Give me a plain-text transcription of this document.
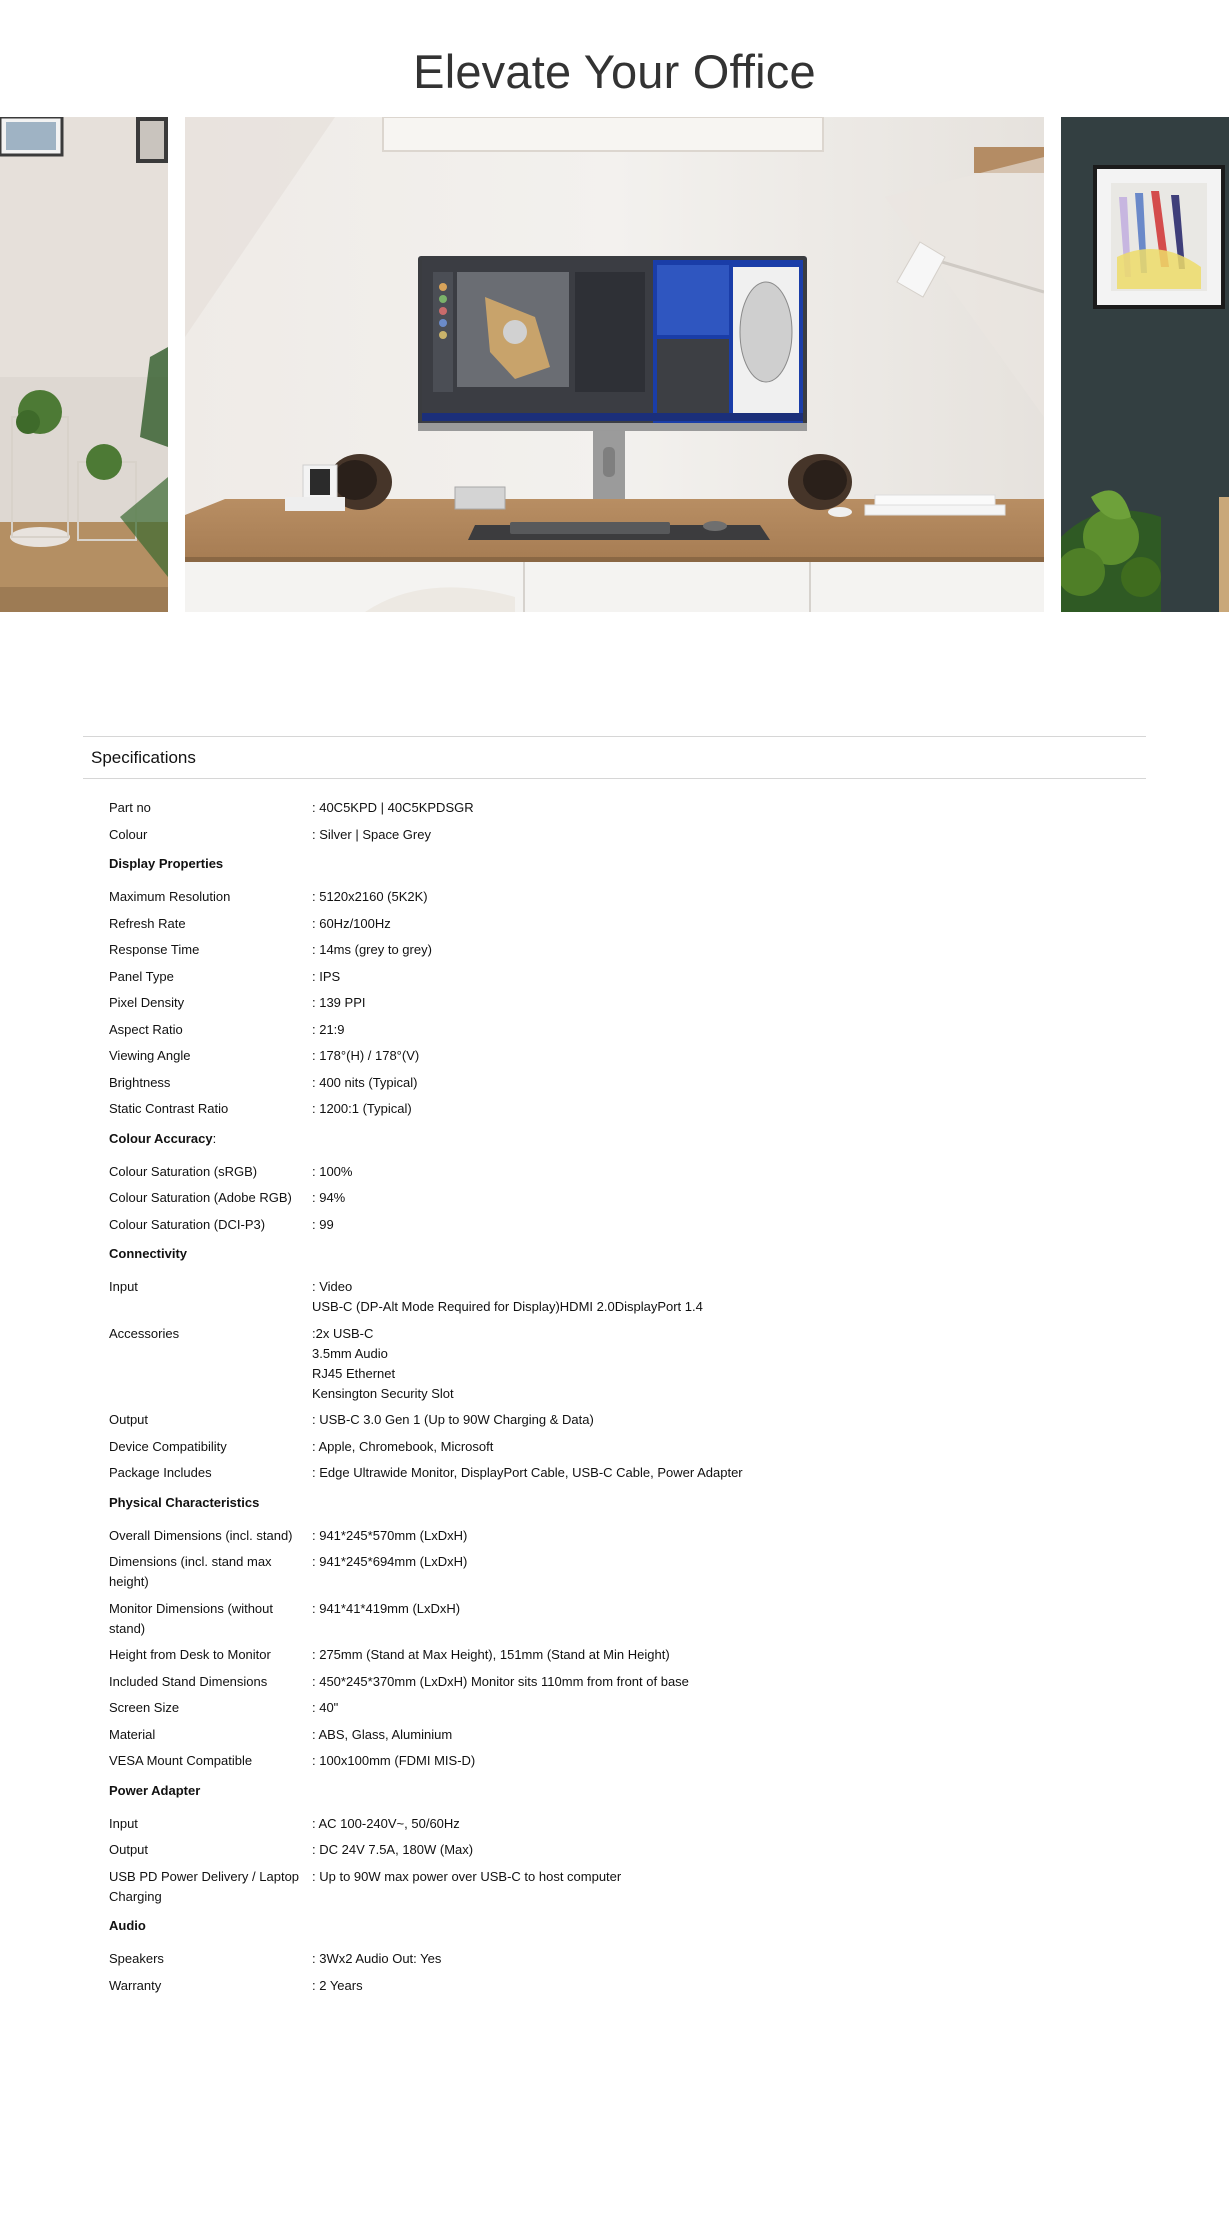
Elevate Your Office
Specifications
Part no	: 40C5KPD | 40C5KPDSGR
Colour	: Silver | Space Grey
Display Properties
Maximum Resolution	: 5120x2160 (5K2K)
Refresh Rate	: 60Hz/100Hz
Response Time	: 14ms (grey to grey)
Panel Type	: IPS
Pixel Density	: 139 PPI
Aspect Ratio	: 21:9
Viewing Angle	: 178°(H) / 178°(V)
Brightness	: 400 nits (Typical)
Static Contrast Ratio	: 1200:1 (Typical)
Colour Accuracy:
Colour Saturation (sRGB)	: 100%
Colour Saturation (Adobe RGB)	: 94%
Colour Saturation (DCI-P3)	: 99
Connectivity
Input	: Video
USB-C (DP-Alt Mode Required for Display)HDMI 2.0DisplayPort 1.4
Accessories	:2x USB-C
3.5mm Audio
RJ45 Ethernet
Kensington Security Slot
Output	: USB-C 3.0 Gen 1 (Up to 90W Charging & Data)
Device Compatibility	: Apple, Chromebook, Microsoft
Package Includes	: Edge Ultrawide Monitor, DisplayPort Cable, USB-C Cable, Power Adapter
Physical Characteristics
Overall Dimensions (incl. stand)	: 941*245*570mm (LxDxH)
Dimensions (incl. stand max height)
: 941*245*694mm (LxDxH)
Monitor Dimensions (without stand)
: 941*41*419mm (LxDxH)
Height from Desk to Monitor	: 275mm (Stand at Max Height), 151mm (Stand at Min Height)
Included Stand Dimensions	: 450*245*370mm (LxDxH) Monitor sits 110mm from front of base
Screen Size	: 40"
Material	: ABS, Glass, Aluminium
VESA Mount Compatible	: 100x100mm (FDMI MIS-D)
Power Adapter
Input	: AC 100-240V~, 50/60Hz
Output	: DC 24V 7.5A, 180W (Max)
USB PD Power Delivery / Laptop Charging
: Up to 90W max power over USB-C to host computer
Audio
Speakers	: 3Wx2 Audio Out: Yes
Warranty	: 2 Years
